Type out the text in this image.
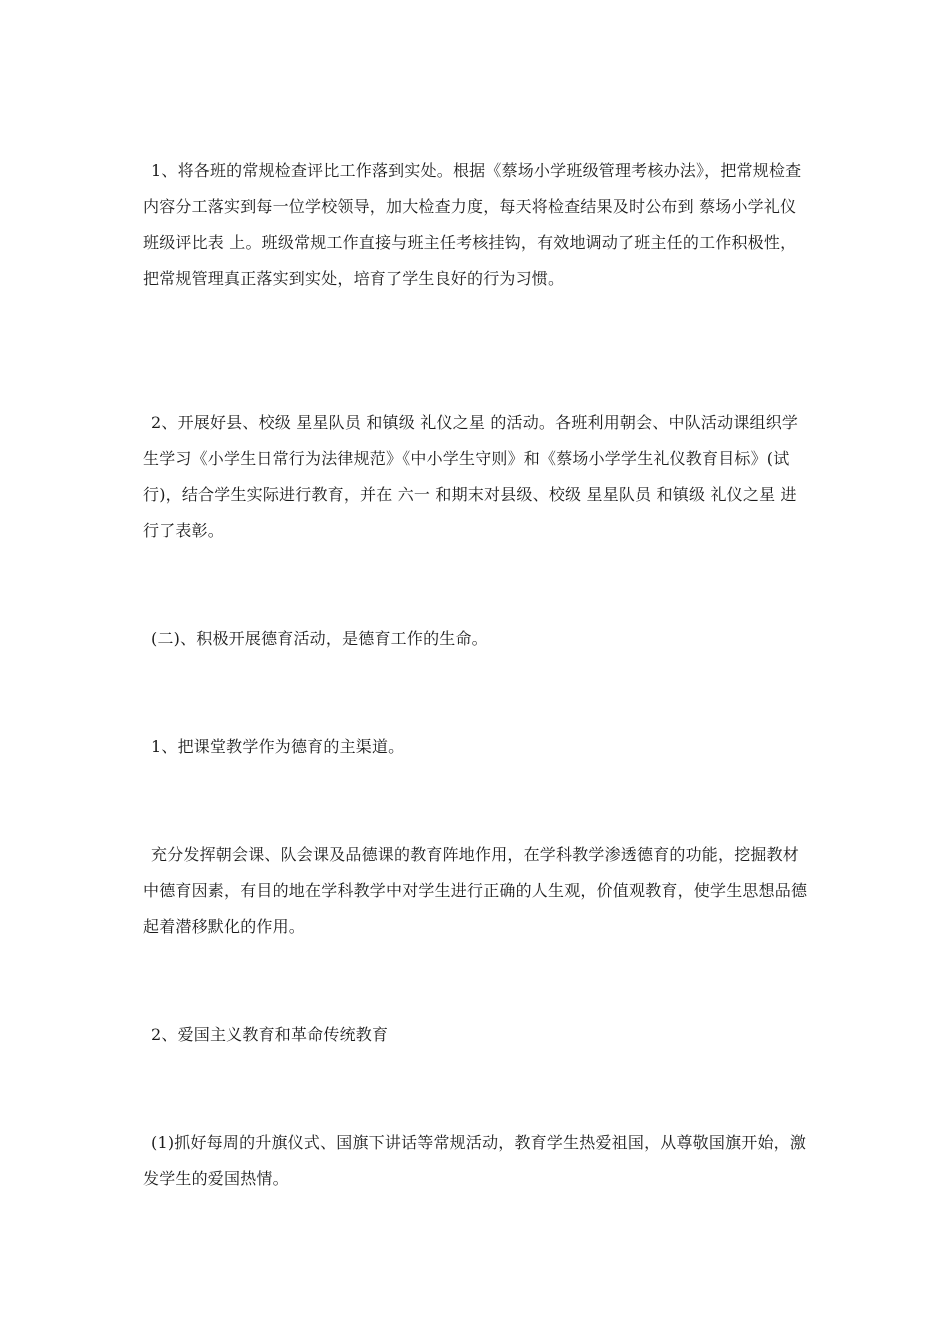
1、将各班的常规检查评比工作落到实处。根据《蔡场小学班级管理考核办法》，把常规检查内容分工落实到每一位学校领导，加大检查力度，每天将检查结果及时公布到 蔡场小学礼仪班级评比表 上。班级常规工作直接与班主任考核挂钩，有效地调动了班主任的工作积极性，把常规管理真正落实到实处，培育了学生良好的行为习惯。

2、开展好县、校级 星星队员 和镇级 礼仪之星 的活动。各班利用朝会、中队活动课组织学生学习《小学生日常行为法律规范》《中小学生守则》和《蔡场小学学生礼仪教育目标》(试行)，结合学生实际进行教育，并在 六一 和期末对县级、校级 星星队员 和镇级 礼仪之星 进行了表彰。

(二)、积极开展德育活动，是德育工作的生命。

1、把课堂教学作为德育的主渠道。

充分发挥朝会课、队会课及品德课的教育阵地作用，在学科教学渗透德育的功能，挖掘教材中德育因素，有目的地在学科教学中对学生进行正确的人生观，价值观教育，使学生思想品德起着潜移默化的作用。

2、爱国主义教育和革命传统教育

(1)抓好每周的升旗仪式、国旗下讲话等常规活动，教育学生热爱祖国，从尊敬国旗开始，激发学生的爱国热情。
